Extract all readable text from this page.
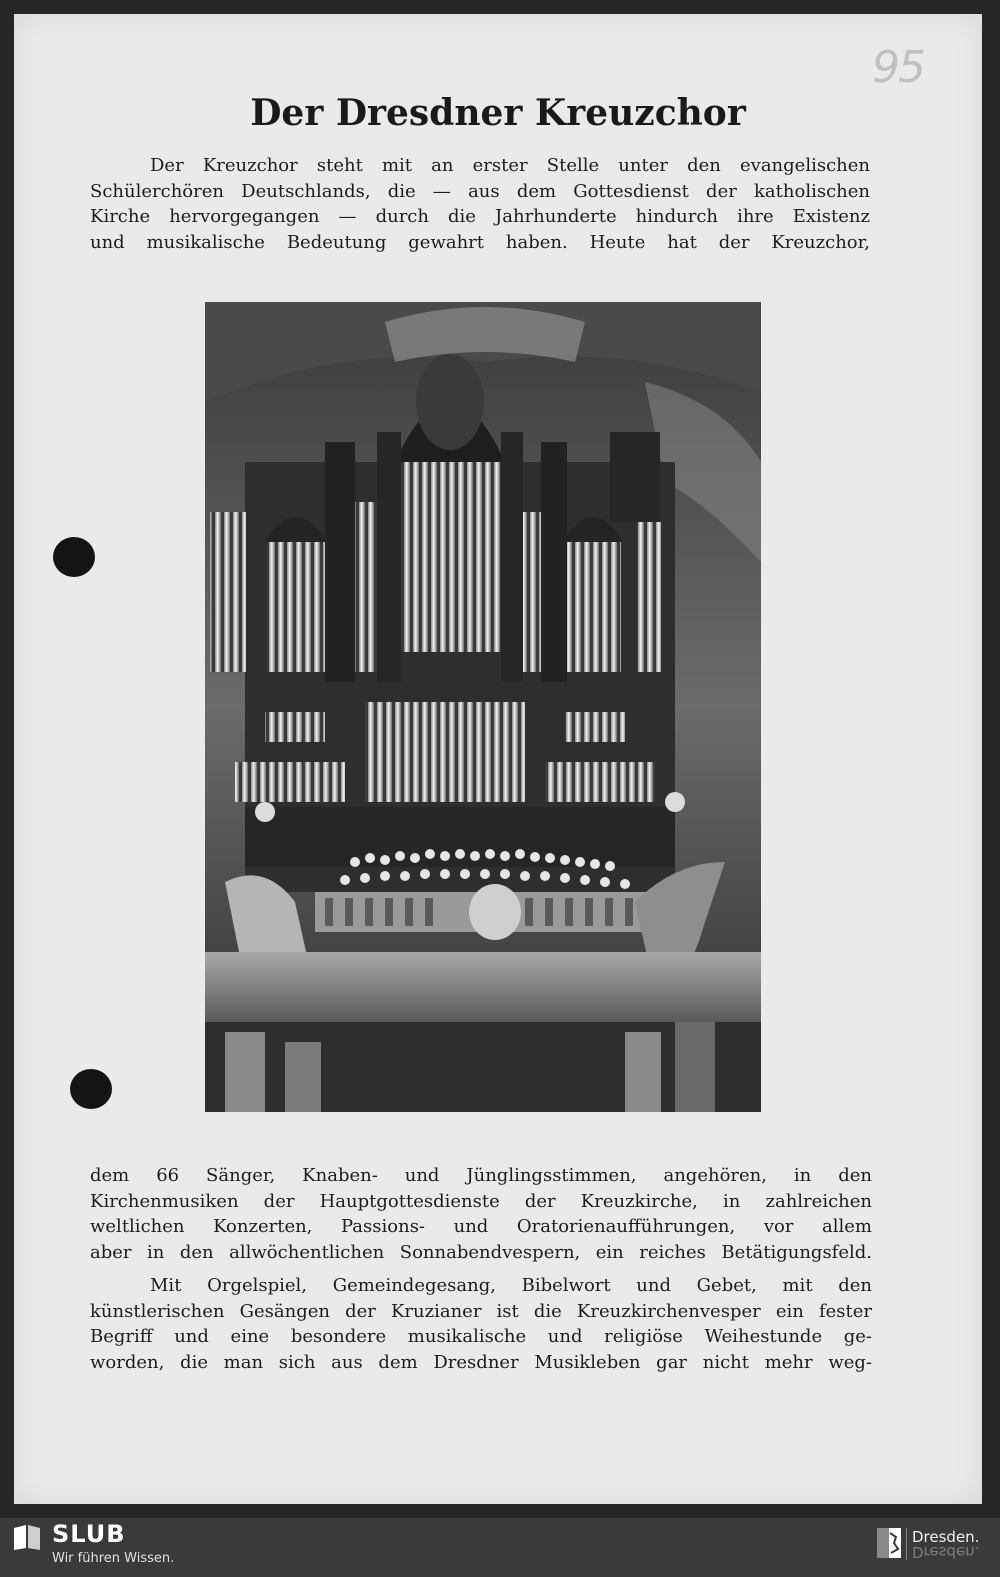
95
Der Dresdner Kreuzchor
Der Kreuzchor steht mit an erster Stelle unter den evangelischen
Schülerchören Deutschlands, die — aus dem Gottesdienst der katholischen
Kirche hervorgegangen — durch die Jahrhunderte hindurch ihre Existenz
und musikalische Bedeutung gewahrt haben. Heute hat der Kreuzchor,
dem 66 Sänger, Knaben- und Jünglingsstimmen, angehören, in den
Kirchenmusiken der Hauptgottesdienste der Kreuzkirche, in zahlreichen
weltlichen Konzerten, Passions- und Oratorienaufführungen, vor allem
aber in den allwöchentlichen Sonnabendvespern, ein reiches Betätigungsfeld.
Mit Orgelspiel, Gemeindegesang, Bibelwort und Gebet, mit den
künstlerischen Gesängen der Kruzianer ist die Kreuzkirchenvesper ein fester
Begriff und eine besondere musikalische und religiöse Weihestunde ge-
worden, die man sich aus dem Dresdner Musikleben gar nicht mehr weg-
SLUB
Wir führen Wissen.
Dresden.
Dresden.
